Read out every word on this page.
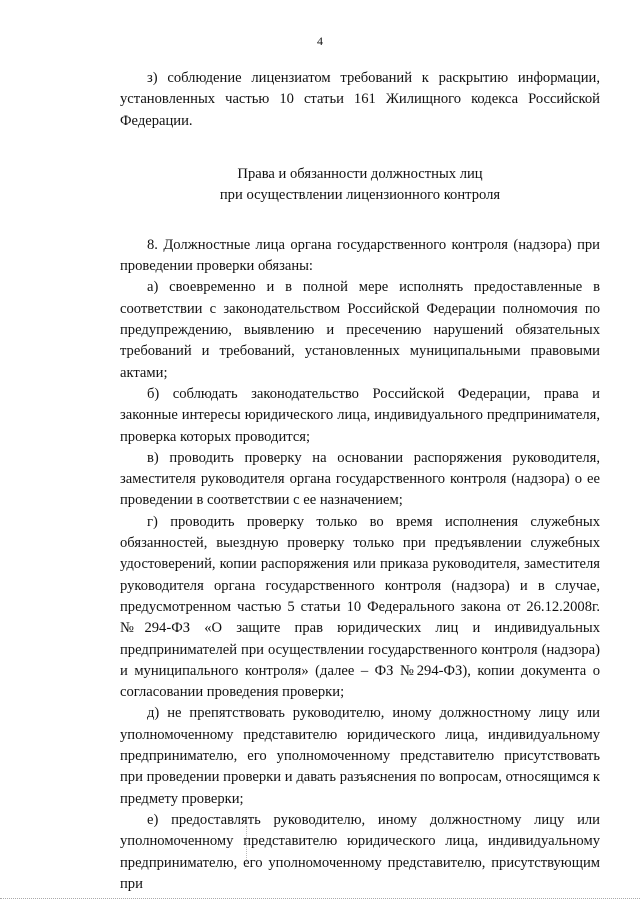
4

з) соблюдение лицензиатом требований к раскрытию информации, установленных частью 10 статьи 161 Жилищного кодекса Российской Федерации.

Права и обязанности должностных лиц
при осуществлении лицензионного контроля

8. Должностные лица органа государственного контроля (надзора) при проведении проверки обязаны:

а) своевременно и в полной мере исполнять предоставленные в соответствии с законодательством Российской Федерации полномочия по предупреждению, выявлению и пресечению нарушений обязательных требований и требований, установленных муниципальными правовыми актами;

б) соблюдать законодательство Российской Федерации, права и законные интересы юридического лица, индивидуального предпринимателя, проверка которых проводится;

в) проводить проверку на основании распоряжения руководителя, заместителя руководителя органа государственного контроля (надзора) о ее проведении в соответствии с ее назначением;

г) проводить проверку только во время исполнения служебных обязанностей, выездную проверку только при предъявлении служебных удостоверений, копии распоряжения или приказа руководителя, заместителя руководителя органа государственного контроля (надзора) и в случае, предусмотренном частью 5 статьи 10 Федерального закона от 26.12.2008г. №294-ФЗ «О защите прав юридических лиц и индивидуальных предпринимателей при осуществлении государственного контроля (надзора) и муниципального контроля» (далее – ФЗ №294-ФЗ), копии документа о согласовании проведения проверки;

д) не препятствовать руководителю, иному должностному лицу или уполномоченному представителю юридического лица, индивидуальному предпринимателю, его уполномоченному представителю присутствовать при проведении проверки и давать разъяснения по вопросам, относящимся к предмету проверки;

е) предоставлять руководителю, иному должностному лицу или уполномоченному представителю юридического лица, индивидуальному предпринимателю, его уполномоченному представителю, присутствующим при
